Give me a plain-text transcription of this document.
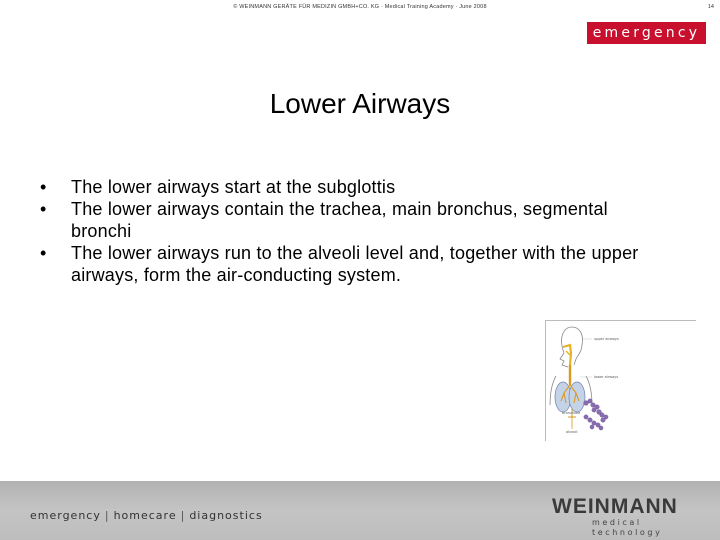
© WEINMANN GERÄTE FÜR MEDIZIN GMBH+CO. KG · Medical Training Academy · June 2008	14
emergency
Lower Airways
•	The lower airways start at the subglottis
•	The lower airways contain the trachea, main bronchus, segmental bronchi
•	The lower airways run to the alveoli level and, together with the upper airways, form the air-conducting system.
upper airways
lower airways
bronchiole
alveoli
emergency | homecare | diagnostics	WEINMANN
medical technology
